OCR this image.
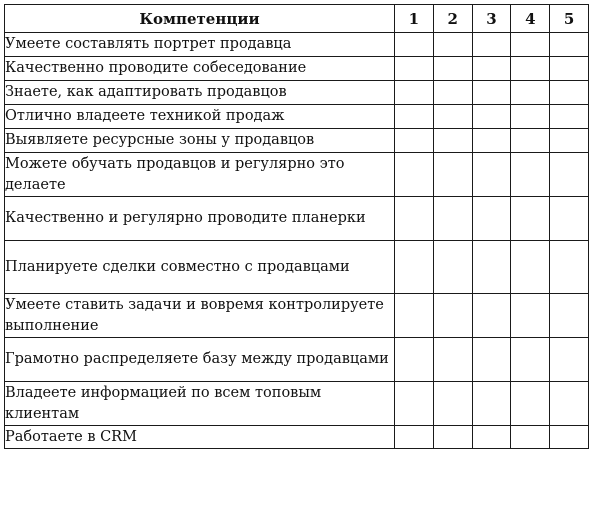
Компетенции	1	2	3	4	5
Умеете составлять портрет продавца					
Качественно проводите собеседование					
Знаете, как адаптировать продавцов					
Отлично владеете техникой продаж					
Выявляете ресурсные зоны у продавцов					
Можете обучать продавцов и регулярно это делаете					
Качественно и регулярно проводите планерки					
Планируете сделки совместно с продавцами					
Умеете ставить задачи и вовремя контролируете выполнение					
Грамотно распределяете базу между продавцами					
Владеете информацией по всем топовым клиентам					
Работаете в CRM					
